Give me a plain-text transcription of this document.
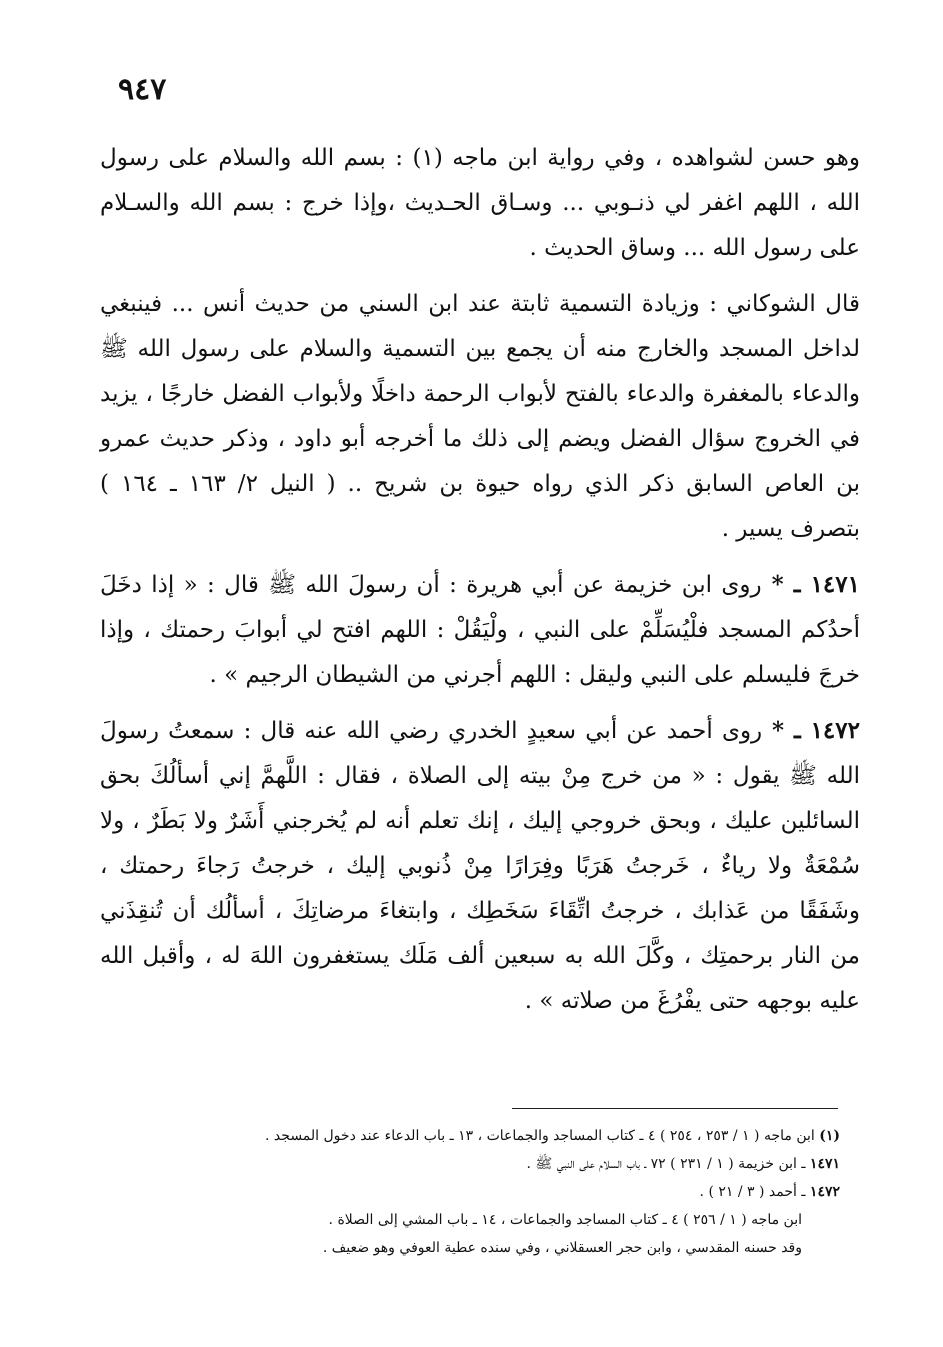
٩٤٧

وهو حسن لشواهده ، وفي رواية ابن ماجه (١) : بسم الله والسلام على رسول الله ، اللهم اغفر لي ذنـوبي ... وسـاق الحـديث ،وإذا خرج : بسم الله والسـلام على رسول الله ... وساق الحديث .

قال الشوكاني : وزيادة التسمية ثابتة عند ابن السني من حديث أنس ... فينبغي لداخل المسجد والخارج منه أن يجمع بين التسمية والسلام على رسول الله ﷺ والدعاء بالمغفرة والدعاء بالفتح لأبواب الرحمة داخلًا ولأبواب الفضل خارجًا ، يزيد في الخروج سؤال الفضل ويضم إلى ذلك ما أخرجه أبو داود ، وذكر حديث عمرو بن العاص السابق ذكر الذي رواه حيوة بن شريح .. ( النيل ٢/ ١٦٣ ـ ١٦٤ ) بتصرف يسير .

١٤٧١ ـ * روى ابن خزيمة عن أبي هريرة : أن رسولَ الله ﷺ قال : « إذا دخَلَ أحدُكم المسجد فلْيُسَلِّمْ على النبي ، ولْيَقُلْ : اللهم افتح لي أبوابَ رحمتك ، وإذا خرجَ فليسلم على النبي وليقل : اللهم أجرني من الشيطان الرجيم » .

١٤٧٢ ـ * روى أحمد عن أبي سعيدٍ الخدري رضي الله عنه قال : سمعتُ رسولَ الله ﷺ يقول : « من خرج مِنْ بيته إلى الصلاة ، فقال : اللَّهمَّ إني أسألُكَ بحق السائلين عليك ، وبحق خروجي إليك ، إنك تعلم أنه لم يُخرجني أَشَرٌ ولا بَطَرٌ ، ولا سُمْعَةٌ ولا رياءٌ ، خَرجتُ هَرَبًا وفِرَارًا مِنْ ذُنوبي إليك ، خرجتُ رَجاءَ رحمتك ، وشَفَقًا من عَذابك ، خرجتُ اتِّقَاءَ سَخَطِك ، وابتغاءَ مرضاتِكَ ، أسألُك أن تُنقِذَني من النار برحمتِك ، وكَّلَ الله به سبعين ألف مَلَك يستغفرون اللهَ له ، وأقبل الله عليه بوجهه حتى يفْرُغَ من صلاته » .

(١) ابن ماجه ( ١ / ٢٥٣ ، ٢٥٤ ) ٤ ـ كتاب المساجد والجماعات ، ١٣ ـ باب الدعاء عند دخول المسجد .

١٤٧١ ـ ابن خزيمة ( ١ / ٢٣١ ) ٧٢ ـ باب السلام على النبي ﷺ .

١٤٧٢ ـ أحمد ( ٣ / ٢١ ) .

ابن ماجه ( ١ / ٢٥٦ ) ٤ ـ كتاب المساجد والجماعات ، ١٤ ـ باب المشي إلى الصلاة .

وقد حسنه المقدسي ، وابن حجر العسقلاني ، وفي سنده عطية العوفي وهو ضعيف .
